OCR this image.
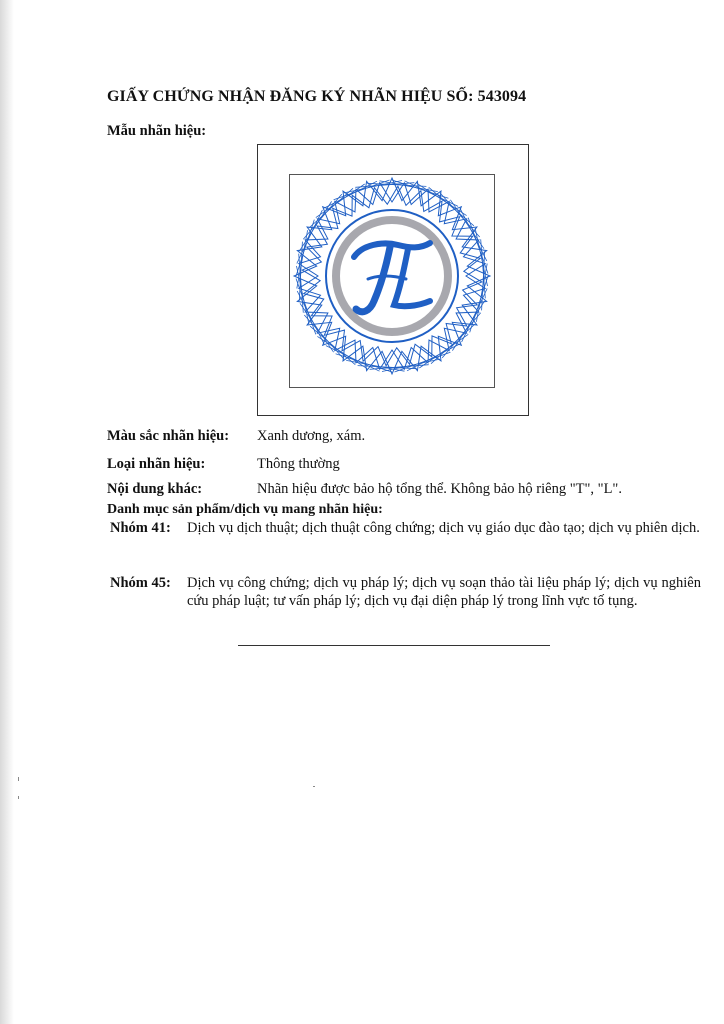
GIẤY CHỨNG NHẬN ĐĂNG KÝ NHÃN HIỆU SỐ: 543094
Mẫu nhãn hiệu:
Màu sắc nhãn hiệu: Xanh dương, xám.
Loại nhãn hiệu:	Thông thường
Nội dung khác:	Nhãn hiệu được bảo hộ tổng thể. Không bảo hộ riêng "T", "L".
Danh mục sản phẩm/dịch vụ mang nhãn hiệu:
Nhóm 41: Dịch vụ dịch thuật; dịch thuật công chứng; dịch vụ giáo dục đào tạo; dịch vụ phiên dịch.
Nhóm 45: Dịch vụ công chứng; dịch vụ pháp lý; dịch vụ soạn thảo tài liệu pháp lý; dịch vụ nghiên cứu pháp luật; tư vấn pháp lý; dịch vụ đại diện pháp lý trong lĩnh vực tố tụng.
